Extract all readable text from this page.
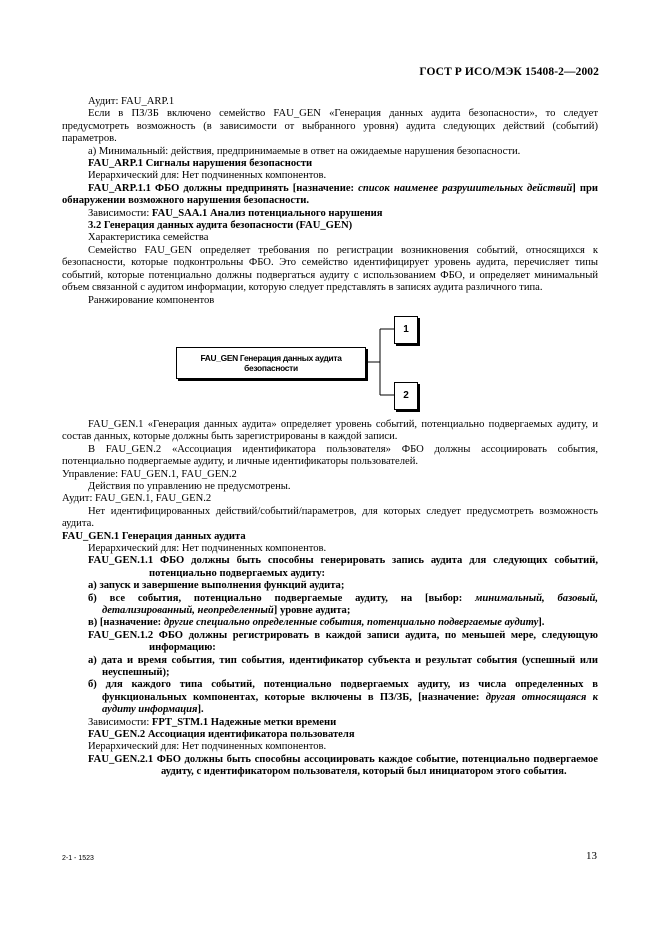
ГОСТ Р ИСО/МЭК 15408-2—2002

Аудит: FAU_ARP.1

Если в ПЗ/ЗБ включено семейство FAU_GEN «Генерация данных аудита безопасности», то следует предусмотреть возможность (в зависимости от выбранного уровня) аудита следующих действий (событий) параметров.

а) Минимальный: действия, предпринимаемые в ответ на ожидаемые нарушения безопасности.

FAU_ARP.1 Сигналы нарушения безопасности

Иерархический для: Нет подчиненных компонентов.

FAU_ARP.1.1 ФБО должны предпринять [назначение: список наименее разрушительных действий] при обнаружении возможного нарушения безопасности.

Зависимости: FAU_SAA.1 Анализ потенциального нарушения

3.2 Генерация данных аудита безопасности (FAU_GEN)

Характеристика семейства

Семейство FAU_GEN определяет требования по регистрации возникновения событий, относящихся к безопасности, которые подконтрольны ФБО. Это семейство идентифицирует уровень аудита, перечисляет типы событий, которые потенциально должны подвергаться аудиту с использованием ФБО, и определяет минимальный объем связанной с аудитом информации, которую следует представлять в записях аудита различного типа.

Ранжирование компонентов

FAU_GEN Генерация данных аудита безопасности
1
2

FAU_GEN.1 «Генерация данных аудита» определяет уровень событий, потенциально подвергаемых аудиту, и состав данных, которые должны быть зарегистрированы в каждой записи.

В FAU_GEN.2 «Ассоциация идентификатора пользователя» ФБО должны ассоциировать события, потенциально подвергаемые аудиту, и личные идентификаторы пользователей.

Управление: FAU_GEN.1, FAU_GEN.2

Действия по управлению не предусмотрены.

Аудит: FAU_GEN.1, FAU_GEN.2

Нет идентифицированных действий/событий/параметров, для которых следует предусмотреть возможность аудита.

FAU_GEN.1 Генерация данных аудита

Иерархический для: Нет подчиненных компонентов.

FAU_GEN.1.1 ФБО должны быть способны генерировать запись аудита для следующих событий, потенциально подвергаемых аудиту:

а) запуск и завершение выполнения функций аудита;

б) все события, потенциально подвергаемые аудиту, на [выбор: минимальный, базовый, детализированный, неопределенный] уровне аудита;

в) [назначение: другие специально определенные события, потенциально подвергаемые аудиту].

FAU_GEN.1.2 ФБО должны регистрировать в каждой записи аудита, по меньшей мере, следующую информацию:

а) дата и время события, тип события, идентификатор субъекта и результат события (успешный или неуспешный);

б) для каждого типа событий, потенциально подвергаемых аудиту, из числа определенных в функциональных компонентах, которые включены в ПЗ/ЗБ, [назначение: другая относящаяся к аудиту информация].

Зависимости: FPT_STM.1 Надежные метки времени

FAU_GEN.2 Ассоциация идентификатора пользователя

Иерархический для: Нет подчиненных компонентов.

FAU_GEN.2.1 ФБО должны быть способны ассоциировать каждое событие, потенциально подвергаемое аудиту, с идентификатором пользователя, который был инициатором этого события.

2-1 - 1523	13
